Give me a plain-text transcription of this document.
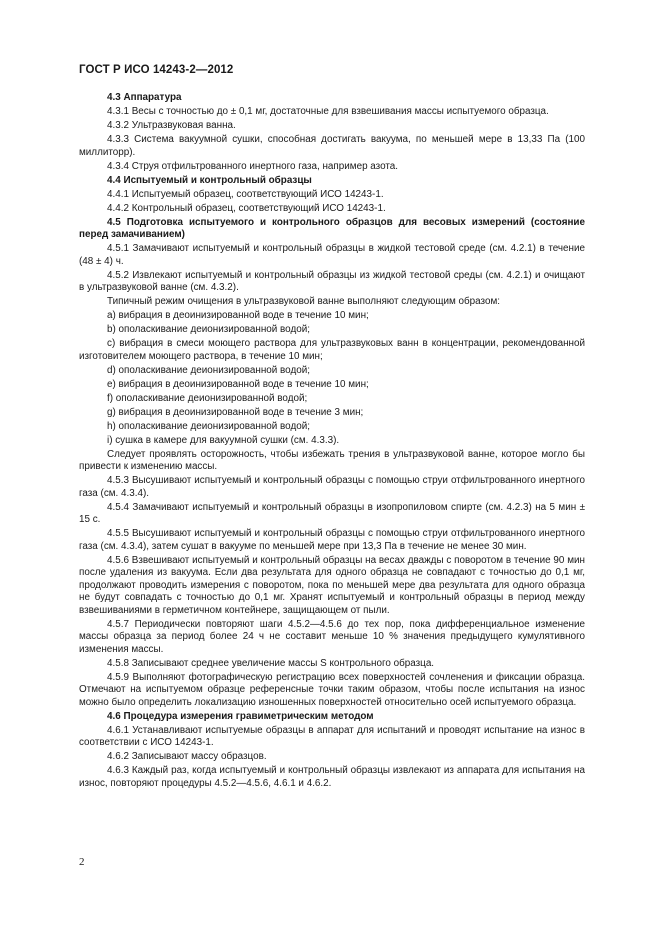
ГОСТ Р ИСО 14243-2—2012

4.3 Аппаратура

4.3.1 Весы с точностью до ± 0,1 мг, достаточные для взвешивания массы испытуемого образца.

4.3.2 Ультразвуковая ванна.

4.3.3 Система вакуумной сушки, способная достигать вакуума, по меньшей мере в 13,33 Па (100 миллиторр).

4.3.4 Струя отфильтрованного инертного газа, например азота.

4.4 Испытуемый и контрольный образцы

4.4.1 Испытуемый образец, соответствующий ИСО 14243-1.

4.4.2 Контрольный образец, соответствующий ИСО 14243-1.

4.5 Подготовка испытуемого и контрольного образцов для весовых измерений (состояние перед замачиванием)

4.5.1 Замачивают испытуемый и контрольный образцы в жидкой тестовой среде (см. 4.2.1) в течение (48 ± 4) ч.

4.5.2 Извлекают испытуемый и контрольный образцы из жидкой тестовой среды (см. 4.2.1) и очищают в ультразвуковой ванне (см. 4.3.2).

Типичный режим очищения в ультразвуковой ванне выполняют следующим образом:

a) вибрация в деоинизированной воде в течение 10 мин;

b) ополаскивание деионизированной водой;

c) вибрация в смеси моющего раствора для ультразвуковых ванн в концентрации, рекомендованной изготовителем моющего раствора, в течение 10 мин;

d) ополаскивание деионизированной водой;

e) вибрация в деоинизированной воде в течение 10 мин;

f) ополаскивание деионизированной водой;

g) вибрация в деоинизированной воде в течение 3 мин;

h) ополаскивание деионизированной водой;

i) сушка в камере для вакуумной сушки (см. 4.3.3).

Следует проявлять осторожность, чтобы избежать трения в ультразвуковой ванне, которое могло бы привести к изменению массы.

4.5.3 Высушивают испытуемый и контрольный образцы с помощью струи отфильтрованного инертного газа (см. 4.3.4).

4.5.4 Замачивают испытуемый и контрольный образцы в изопропиловом спирте (см. 4.2.3) на 5 мин ± 15 с.

4.5.5 Высушивают испытуемый и контрольный образцы с помощью струи отфильтрованного инертного газа (см. 4.3.4), затем сушат в вакууме по меньшей мере при 13,3 Па в течение не менее 30 мин.

4.5.6 Взвешивают испытуемый и контрольный образцы на весах дважды с поворотом в течение 90 мин после удаления из вакуума. Если два результата для одного образца не совпадают с точностью до 0,1 мг, продолжают проводить измерения с поворотом, пока по меньшей мере два результата для одного образца не будут совпадать с точностью до 0,1 мг. Хранят испытуемый и контрольный образцы в период между взвешиваниями в герметичном контейнере, защищающем от пыли.

4.5.7 Периодически повторяют шаги 4.5.2—4.5.6 до тех пор, пока дифференциальное изменение массы образца за период более 24 ч не составит меньше 10 % значения предыдущего кумулятивного изменения массы.

4.5.8 Записывают среднее увеличение массы S контрольного образца.

4.5.9 Выполняют фотографическую регистрацию всех поверхностей сочленения и фиксации образца. Отмечают на испытуемом образце референсные точки таким образом, чтобы после испытания на износ можно было определить локализацию изношенных поверхностей относительно осей испытуемого образца.

4.6 Процедура измерения гравиметрическим методом

4.6.1 Устанавливают испытуемые образцы в аппарат для испытаний и проводят испытание на износ в соответствии с ИСО 14243-1.

4.6.2 Записывают массу образцов.

4.6.3 Каждый раз, когда испытуемый и контрольный образцы извлекают из аппарата для испытания на износ, повторяют процедуры 4.5.2—4.5.6, 4.6.1 и 4.6.2.

2
